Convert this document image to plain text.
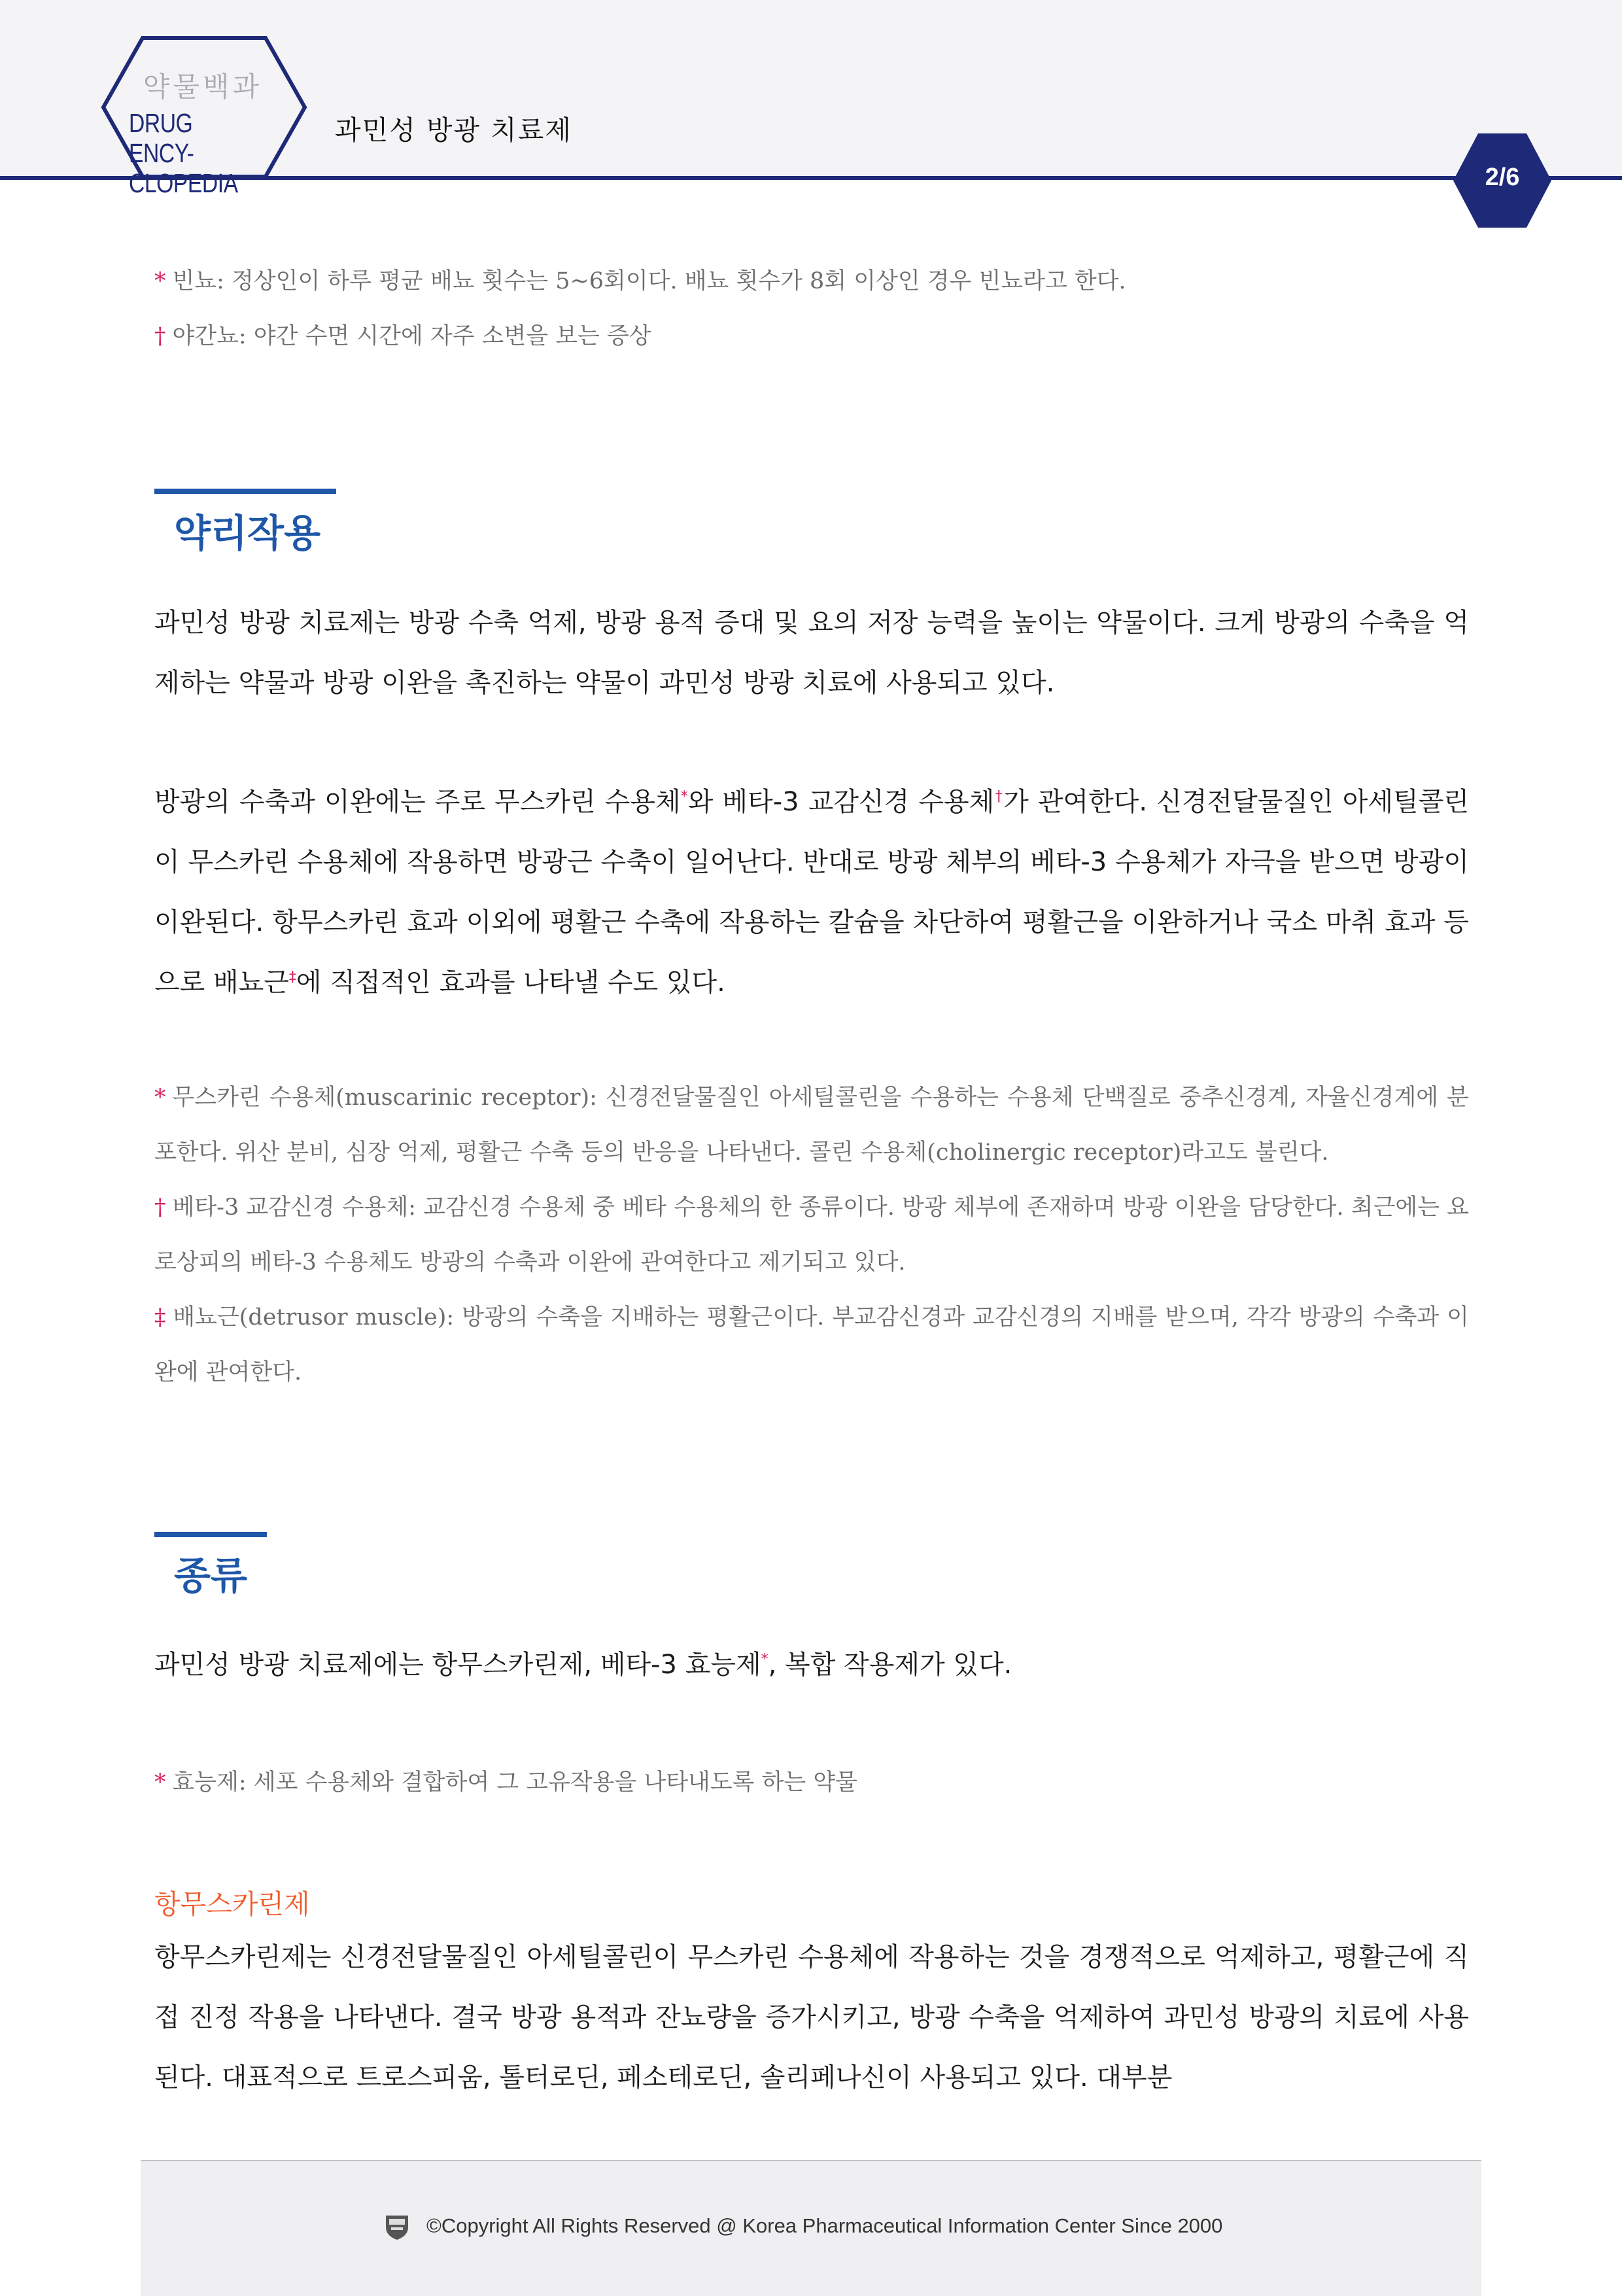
약물백과
DRUG ENCY-
CLOPEDIA
과민성 방광 치료제
2/6

* 빈뇨: 정상인이 하루 평균 배뇨 횟수는 5~6회이다. 배뇨 횟수가 8회 이상인 경우 빈뇨라고 한다.

† 야간뇨: 야간 수면 시간에 자주 소변을 보는 증상

약리작용

과민성 방광 치료제는 방광 수축 억제, 방광 용적 증대 및 요의 저장 능력을 높이는 약물이다. 크게 방광의 수축을 억제하는 약물과 방광 이완을 촉진하는 약물이 과민성 방광 치료에 사용되고 있다.

방광의 수축과 이완에는 주로 무스카린 수용체*와 베타-3 교감신경 수용체†가 관여한다. 신경전달물질인 아세틸콜린이 무스카린 수용체에 작용하면 방광근 수축이 일어난다. 반대로 방광 체부의 베타-3 수용체가 자극을 받으면 방광이 이완된다. 항무스카린 효과 이외에 평활근 수축에 작용하는 칼슘을 차단하여 평활근을 이완하거나 국소 마취 효과 등으로 배뇨근‡에 직접적인 효과를 나타낼 수도 있다.

* 무스카린 수용체(muscarinic receptor): 신경전달물질인 아세틸콜린을 수용하는 수용체 단백질로 중추신경계, 자율신경계에 분포한다. 위산 분비, 심장 억제, 평활근 수축 등의 반응을 나타낸다. 콜린 수용체(cholinergic receptor)라고도 불린다.

† 베타-3 교감신경 수용체: 교감신경 수용체 중 베타 수용체의 한 종류이다. 방광 체부에 존재하며 방광 이완을 담당한다. 최근에는 요로상피의 베타-3 수용체도 방광의 수축과 이완에 관여한다고 제기되고 있다.

‡ 배뇨근(detrusor muscle): 방광의 수축을 지배하는 평활근이다. 부교감신경과 교감신경의 지배를 받으며, 각각 방광의 수축과 이완에 관여한다.

종류

과민성 방광 치료제에는 항무스카린제, 베타-3 효능제*, 복합 작용제가 있다.

* 효능제: 세포 수용체와 결합하여 그 고유작용을 나타내도록 하는 약물

항무스카린제

항무스카린제는 신경전달물질인 아세틸콜린이 무스카린 수용체에 작용하는 것을 경쟁적으로 억제하고, 평활근에 직접 진정 작용을 나타낸다. 결국 방광 용적과 잔뇨량을 증가시키고, 방광 수축을 억제하여 과민성 방광의 치료에 사용된다. 대표적으로 트로스피움, 톨터로딘, 페소테로딘, 솔리페나신이 사용되고 있다. 대부분

©Copyright All Rights Reserved @ Korea Pharmaceutical Information Center Since 2000
